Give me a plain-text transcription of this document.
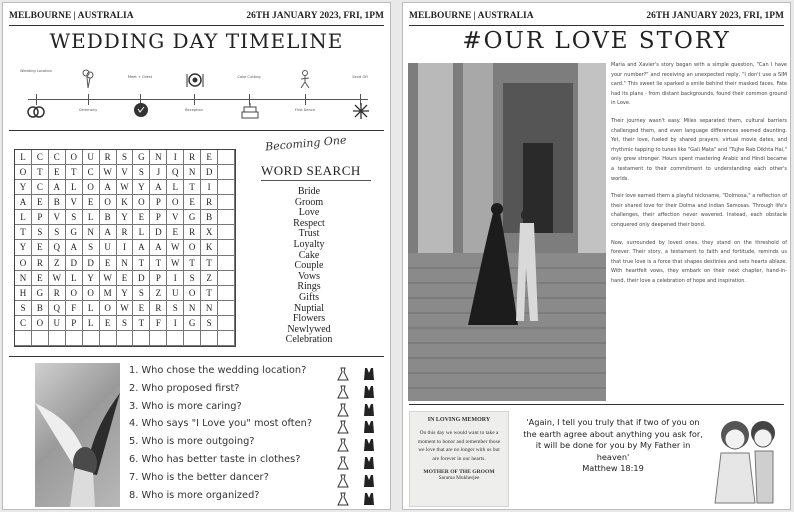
MELBOURNE | AUSTRALIA	26TH JANUARY 2023, FRI, 1PM
WEDDING DAY TIMELINE
Wedding Location
Ceremony
Meet + Greet
Reception
Cake Cutting
First Dance
Send Off
L	C	C	O	U	R	S	G	N	I	R	E
O	T	E	T	C	W	V	S	J	Q	N	D
Y	C	A	L	O	A	W	Y	A	L	T	I
A	E	B	V	E	O	K	O	P	O	E	R
L	P	V	S	L	B	Y	E	P	V	G	B
T	S	S	G	N	A	R	L	D	E	R	X
Y	E	Q	A	S	U	I	A	A	W	O	K
O	R	Z	D	D	E	N	T	T	W	T	T
N	E	W	L	Y	W	E	D	P	I	S	Z
H	G	R	O	O	M	Y	S	Z	U	O	T
S	B	Q	F	L	O	W	E	R	S	N	N
C	O	U	P	L	E	S	T	F	I	G	S
Becoming One
WORD SEARCH
Bride
Groom
Love
Respect
Trust
Loyalty
Cake
Couple
Vows
Rings
Gifts
Nuptial
Flowers
Newlywed
Celebration
1. Who chose the wedding location?
2. Who proposed first?
3. Who is more caring?
4. Who says "I Love you" most often?
5. Who is more outgoing?
6. Who has better taste in clothes?
7. Who is the better dancer?
8. Who is more organized?
MELBOURNE | AUSTRALIA	26TH JANUARY 2023, FRI, 1PM
#OUR LOVE STORY

Maria and Xavier's story began with a simple question, "Can I have your number?" and receiving an unexpected reply, "I don't use a SIM card." This sweet lie sparked a smile behind their masked faces. Fate had its plans - from distant backgrounds, found their common ground in Love.

Their journey wasn't easy. Miles separated them, cultural barriers challenged them, and even language differences seemed daunting. Yet, their love, fueled by shared prayers, virtual movie dates, and rhythmic tapping to tunes like "Gali Mata" and "Tujhe Rab Dikhta Hai," only grew stronger. Hours spent mastering Arabic and Hindi became a testament to their commitment to understanding each other's worlds.

Their love earned them a playful nickname, "Dolmosa," a reflection of their shared love for their Dolma and Indian Samosas. Through life's challenges, their affection never wavered. Instead, each obstacle conquered only deepened their bond.

Now, surrounded by loved ones, they stand on the threshold of forever. Their story, a testament to faith and fortitude, reminds us that true love is a force that shapes destinies and sets hearts ablaze. With heartfelt vows, they embark on their next chapter, hand-in-hand, their love a celebration of hope and inspiration.

IN LOVING MEMORY
On this day we would want to take a moment to honor and remember those we love that are no longer with us but are forever in our hearts.
MOTHER OF THE GROOM
Sarama Mukherjee
'Again, I tell you truly that if two of you on the earth agree about anything you ask for, it will be done for you by My Father in heaven'
Matthew 18:19
